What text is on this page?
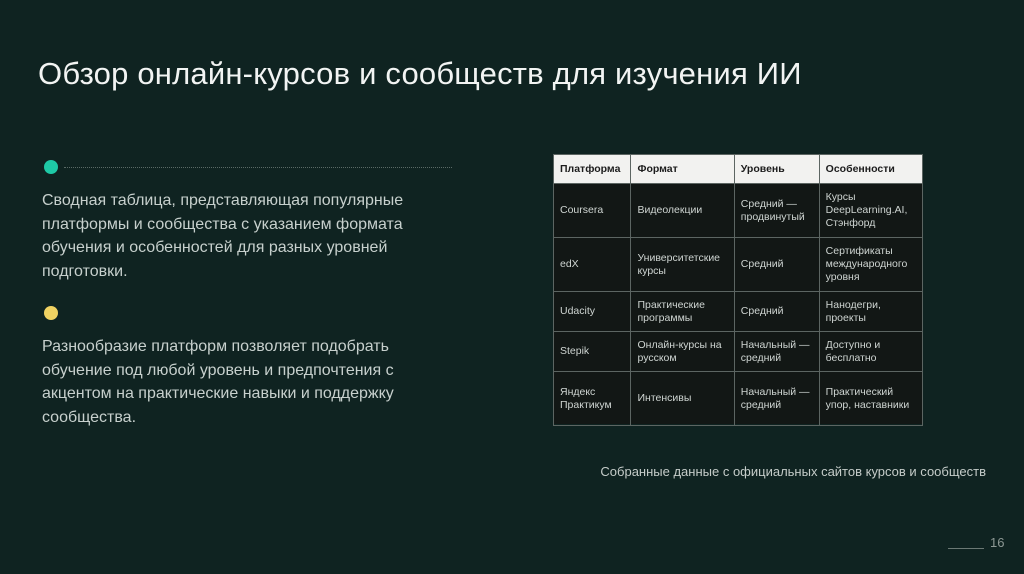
Обзор онлайн-курсов и сообществ для изучения ИИ
Сводная таблица, представляющая популярные платформы и сообщества с указанием формата обучения и особенностей для разных уровней подготовки.
Разнообразие платформ позволяет подобрать обучение под любой уровень и предпочтения с акцентом на практические навыки и поддержку сообщества.
Платформа	Формат	Уровень	Особенности
Coursera	Видеолекции	Средний — продвинутый	Курсы DeepLearning.AI, Стэнфорд
edX	Университетские курсы	Средний	Сертификаты международного уровня
Udacity	Практические программы	Средний	Нанодегри, проекты
Stepik	Онлайн-курсы на русском	Начальный — средний	Доступно и бесплатно
Яндекс Практикум	Интенсивы	Начальный — средний	Практический упор, наставники
Собранные данные с официальных сайтов курсов и сообществ
16
